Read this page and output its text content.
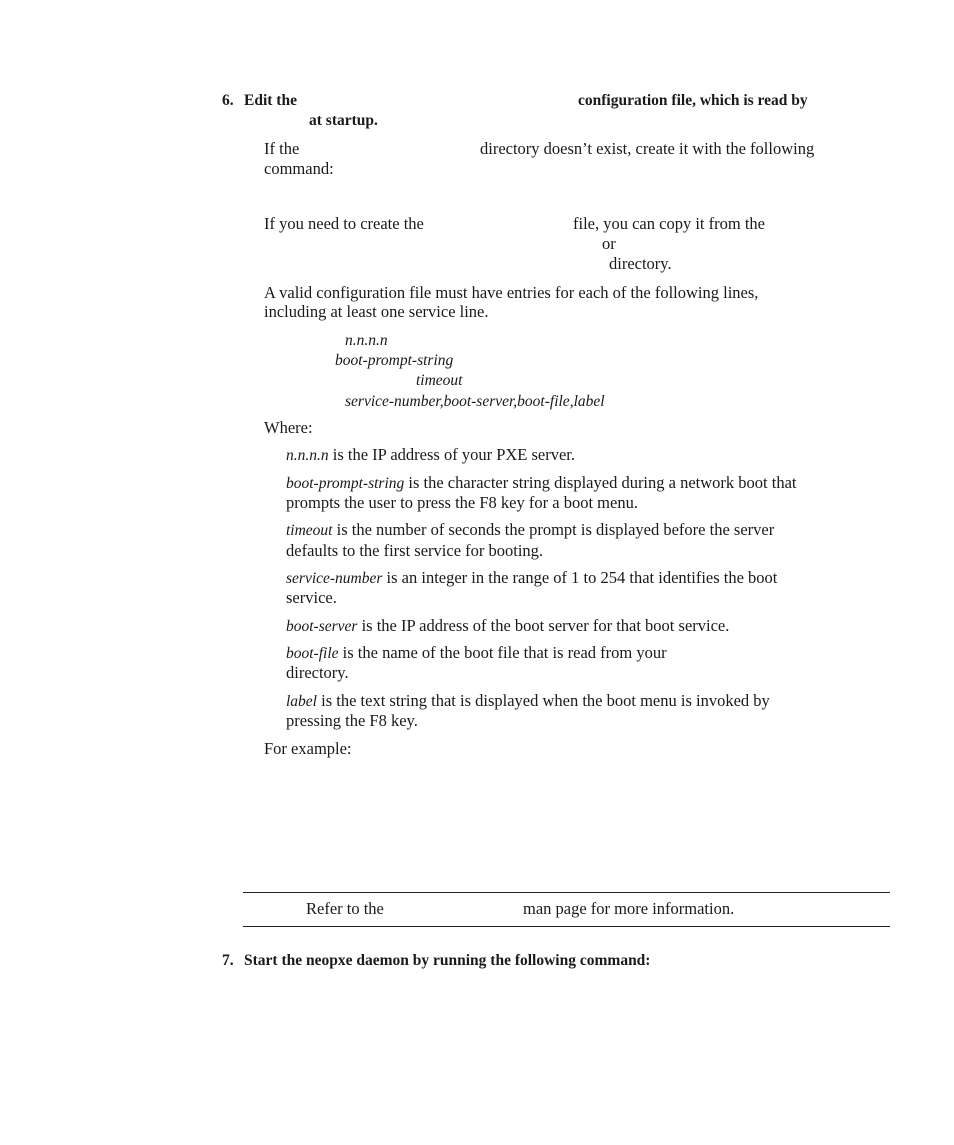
6. Edit the	configuration file, which is read by
at startup.
If the	directory doesn’t exist, create it with the following
command:
If you need to create the	file, you can copy it from the
or
directory.
A valid configuration file must have entries for each of the following lines,
including at least one service line.
n.n.n.n
boot-prompt-string
timeout
service-number,boot-server,boot-file,label
Where:
n.n.n.n is the IP address of your PXE server.
boot-prompt-string is the character string displayed during a network boot that
prompts the user to press the F8 key for a boot menu.
timeout is the number of seconds the prompt is displayed before the server
defaults to the first service for booting.
service-number is an integer in the range of 1 to 254 that identifies the boot
service.
boot-server is the IP address of the boot server for that boot service.
boot-file is the name of the boot file that is read from your
directory.
label is the text string that is displayed when the boot menu is invoked by
pressing the F8 key.
For example:
Refer to the	man page for more information.
7. Start the neopxe daemon by running the following command:
